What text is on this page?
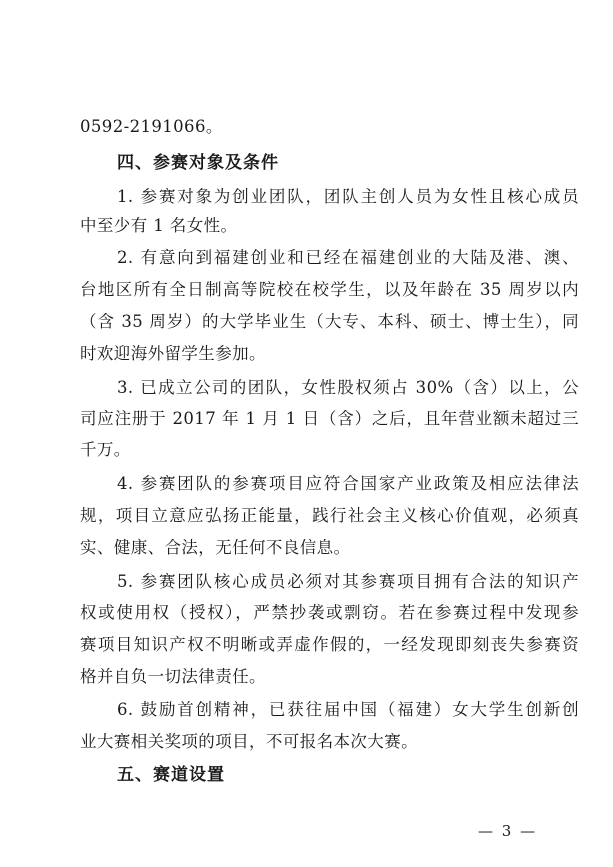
0592-2191066。
四、参赛对象及条件
1. 参赛对象为创业团队，团队主创人员为女性且核心成员
中至少有 1 名女性。
2. 有意向到福建创业和已经在福建创业的大陆及港、澳、
台地区所有全日制高等院校在校学生，以及年龄在 35 周岁以内
（含 35 周岁）的大学毕业生（大专、本科、硕士、博士生），同
时欢迎海外留学生参加。
3. 已成立公司的团队，女性股权须占 30%（含）以上，公
司应注册于 2017 年 1 月 1 日（含）之后，且年营业额未超过三
千万。
4. 参赛团队的参赛项目应符合国家产业政策及相应法律法
规，项目立意应弘扬正能量，践行社会主义核心价值观，必须真
实、健康、合法，无任何不良信息。
5. 参赛团队核心成员必须对其参赛项目拥有合法的知识产
权或使用权（授权），严禁抄袭或剽窃。若在参赛过程中发现参
赛项目知识产权不明晰或弄虚作假的，一经发现即刻丧失参赛资
格并自负一切法律责任。
6. 鼓励首创精神，已获往届中国（福建）女大学生创新创
业大赛相关奖项的项目，不可报名本次大赛。
五、赛道设置
— 3 —
